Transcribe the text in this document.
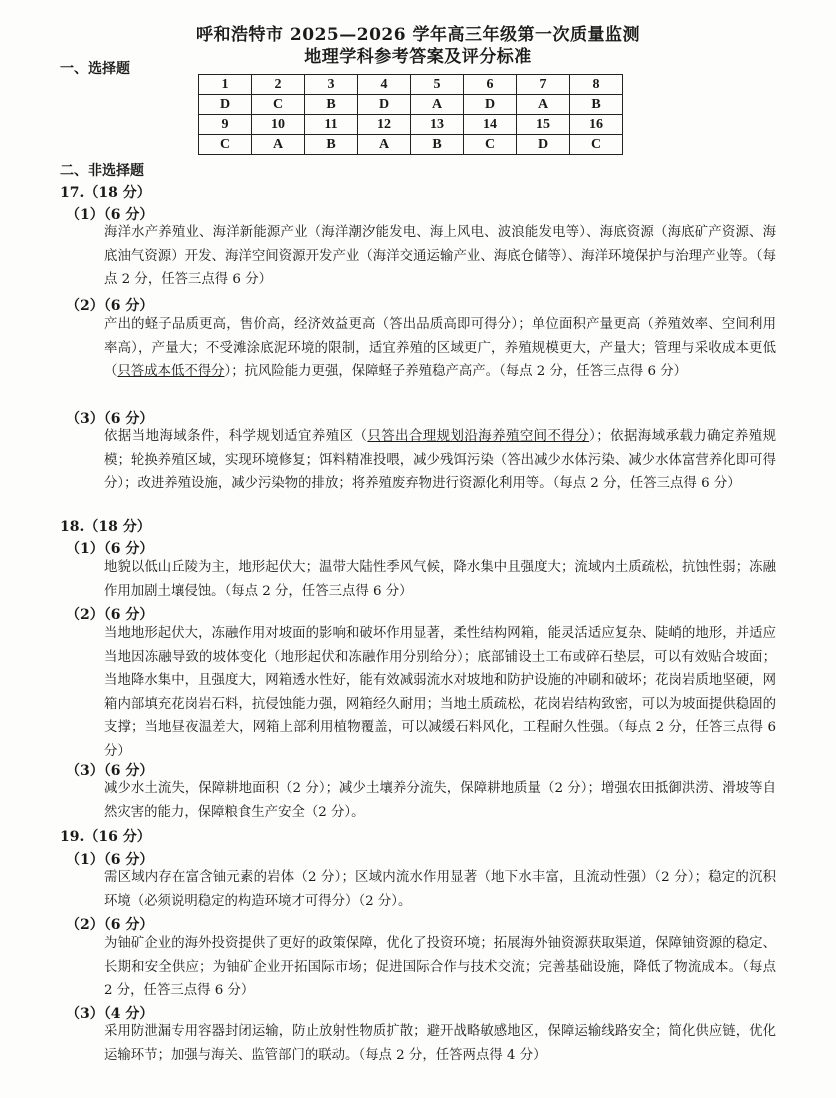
呼和浩特市 2025—2026 学年高三年级第一次质量监测
地理学科参考答案及评分标准
一、选择题
1	2	3	4	5	6	7	8
D	C	B	D	A	D	A	B
9	10	11	12	13	14	15	16
C	A	B	A	B	C	D	C
二、非选择题
17.（18 分）
（1）（6 分）

海洋水产养殖业、海洋新能源产业（海洋潮汐能发电、海上风电、波浪能发电等）、海底资源（海底矿产资源、海底油气资源）开发、海洋空间资源开发产业（海洋交通运输产业、海底仓储等）、海洋环境保护与治理产业等。（每点 2 分，任答三点得 6 分）

（2）（6 分）

产出的蛏子品质更高，售价高，经济效益更高（答出品质高即可得分）；单位面积产量更高（养殖效率、空间利用率高），产量大；不受滩涂底泥环境的限制，适宜养殖的区域更广，养殖规模更大，产量大；管理与采收成本更低（只答成本低不得分）；抗风险能力更强，保障蛏子养殖稳产高产。（每点 2 分，任答三点得 6 分）

（3）（6 分）

依据当地海域条件，科学规划适宜养殖区（只答出合理规划沿海养殖空间不得分）；依据海域承载力确定养殖规模；轮换养殖区域，实现环境修复；饵料精准投喂，减少残饵污染（答出减少水体污染、减少水体富营养化即可得分）；改进养殖设施，减少污染物的排放；将养殖废弃物进行资源化利用等。（每点 2 分，任答三点得 6 分）

18.（18 分）
（1）（6 分）

地貌以低山丘陵为主，地形起伏大；温带大陆性季风气候，降水集中且强度大；流域内土质疏松，抗蚀性弱；冻融作用加剧土壤侵蚀。（每点 2 分，任答三点得 6 分）

（2）（6 分）

当地地形起伏大，冻融作用对坡面的影响和破坏作用显著，柔性结构网箱，能灵活适应复杂、陡峭的地形，并适应当地因冻融导致的坡体变化（地形起伏和冻融作用分别给分）；底部铺设土工布或碎石垫层，可以有效贴合坡面；当地降水集中，且强度大，网箱透水性好，能有效减弱流水对坡地和防护设施的冲刷和破坏；花岗岩质地坚硬，网箱内部填充花岗岩石料，抗侵蚀能力强，网箱经久耐用；当地土质疏松，花岗岩结构致密，可以为坡面提供稳固的支撑；当地昼夜温差大，网箱上部利用植物覆盖，可以减缓石料风化，工程耐久性强。（每点 2 分，任答三点得 6 分）

（3）（6 分）

减少水土流失，保障耕地面积（2 分）；减少土壤养分流失，保障耕地质量（2 分）；增强农田抵御洪涝、滑坡等自然灾害的能力，保障粮食生产安全（2 分）。

19.（16 分）
（1）（6 分）

需区域内存在富含铀元素的岩体（2 分）；区域内流水作用显著（地下水丰富，且流动性强）（2 分）；稳定的沉积环境（必须说明稳定的构造环境才可得分）（2 分）。

（2）（6 分）

为铀矿企业的海外投资提供了更好的政策保障，优化了投资环境；拓展海外铀资源获取渠道，保障铀资源的稳定、长期和安全供应；为铀矿企业开拓国际市场；促进国际合作与技术交流；完善基础设施，降低了物流成本。（每点 2 分，任答三点得 6 分）

（3）（4 分）

采用防泄漏专用容器封闭运输，防止放射性物质扩散；避开战略敏感地区，保障运输线路安全；简化供应链，优化运输环节；加强与海关、监管部门的联动。（每点 2 分，任答两点得 4 分）
